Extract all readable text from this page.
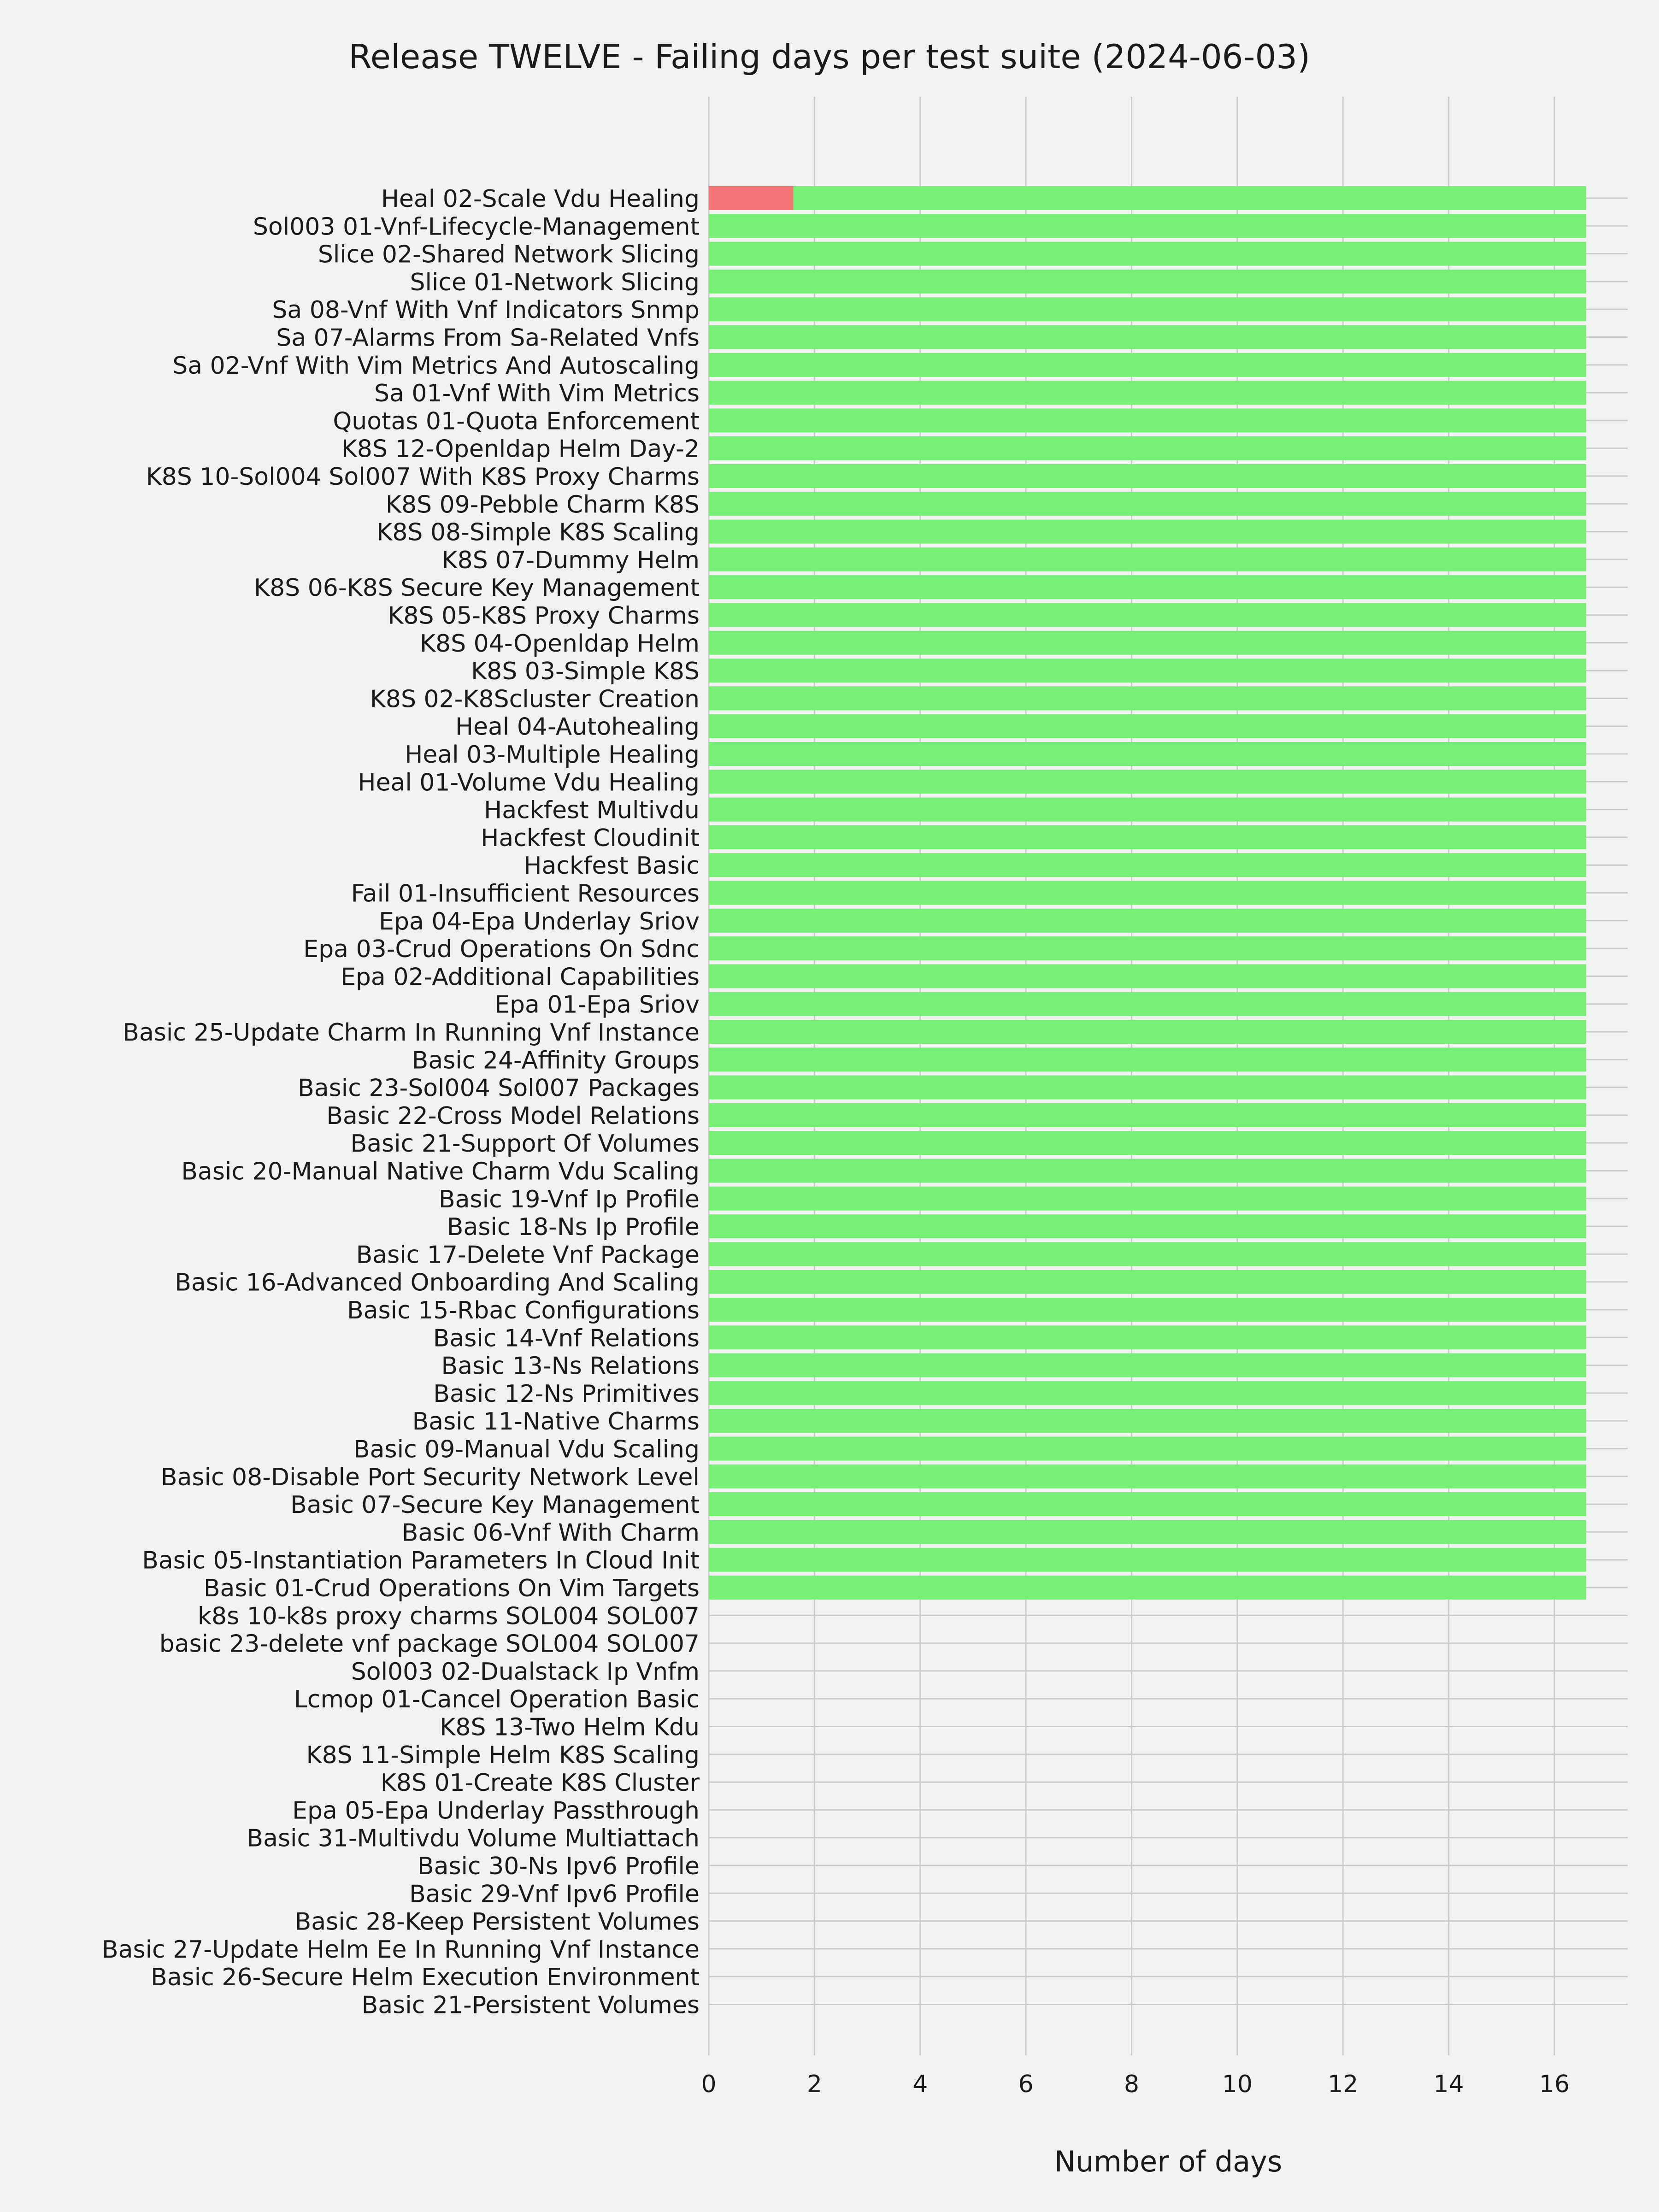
Heal 02-Scale Vdu Healing
Sol003 01-Vnf-Lifecycle-Management
Slice 02-Shared Network Slicing
Slice 01-Network Slicing
Sa 08-Vnf With Vnf Indicators Snmp
Sa 07-Alarms From Sa-Related Vnfs
Sa 02-Vnf With Vim Metrics And Autoscaling
Sa 01-Vnf With Vim Metrics
Quotas 01-Quota Enforcement
K8S 12-Openldap Helm Day-2
K8S 10-Sol004 Sol007 With K8S Proxy Charms
K8S 09-Pebble Charm K8S
K8S 08-Simple K8S Scaling
K8S 07-Dummy Helm
K8S 06-K8S Secure Key Management
K8S 05-K8S Proxy Charms
K8S 04-Openldap Helm
K8S 03-Simple K8S
K8S 02-K8Scluster Creation
Heal 04-Autohealing
Heal 03-Multiple Healing
Heal 01-Volume Vdu Healing
Hackfest Multivdu
Hackfest Cloudinit
Hackfest Basic
Fail 01-Insufficient Resources
Epa 04-Epa Underlay Sriov
Epa 03-Crud Operations On Sdnc
Epa 02-Additional Capabilities
Epa 01-Epa Sriov
Basic 25-Update Charm In Running Vnf Instance
Basic 24-Affinity Groups
Basic 23-Sol004 Sol007 Packages
Basic 22-Cross Model Relations
Basic 21-Support Of Volumes
Basic 20-Manual Native Charm Vdu Scaling
Basic 19-Vnf Ip Profile
Basic 18-Ns Ip Profile
Basic 17-Delete Vnf Package
Basic 16-Advanced Onboarding And Scaling
Basic 15-Rbac Configurations
Basic 14-Vnf Relations
Basic 13-Ns Relations
Basic 12-Ns Primitives
Basic 11-Native Charms
Basic 09-Manual Vdu Scaling
Basic 08-Disable Port Security Network Level
Basic 07-Secure Key Management
Basic 06-Vnf With Charm
Basic 05-Instantiation Parameters In Cloud Init
Basic 01-Crud Operations On Vim Targets
k8s 10-k8s proxy charms SOL004 SOL007
basic 23-delete vnf package SOL004 SOL007
Sol003 02-Dualstack Ip Vnfm
Lcmop 01-Cancel Operation Basic
K8S 13-Two Helm Kdu
K8S 11-Simple Helm K8S Scaling
K8S 01-Create K8S Cluster
Epa 05-Epa Underlay Passthrough
Basic 31-Multivdu Volume Multiattach
Basic 30-Ns Ipv6 Profile
Basic 29-Vnf Ipv6 Profile
Basic 28-Keep Persistent Volumes
Basic 27-Update Helm Ee In Running Vnf Instance
Basic 26-Secure Helm Execution Environment
Basic 21-Persistent Volumes
0	2	4	6	8	10	12	14	16
Release TWELVE - Failing days per test suite (2024-06-03)
Number of days
